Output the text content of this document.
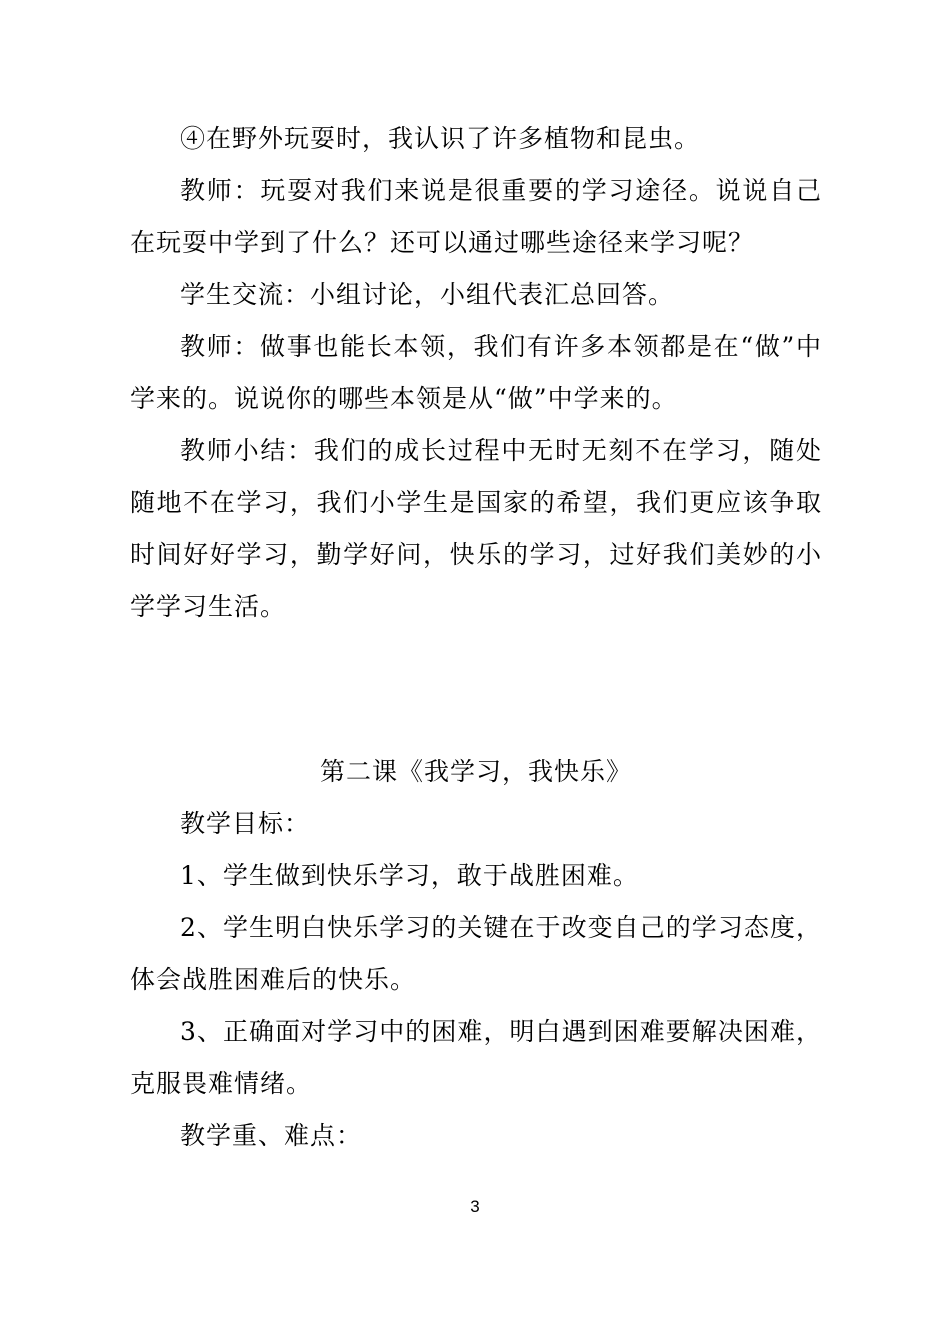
④在野外玩耍时，我认识了许多植物和昆虫。

教师：玩耍对我们来说是很重要的学习途径。说说自己在玩耍中学到了什么？还可以通过哪些途径来学习呢？

学生交流：小组讨论，小组代表汇总回答。

教师：做事也能长本领，我们有许多本领都是在“做”中学来的。说说你的哪些本领是从“做”中学来的。

教师小结：我们的成长过程中无时无刻不在学习，随处随地不在学习，我们小学生是国家的希望，我们更应该争取时间好好学习，勤学好问，快乐的学习，过好我们美妙的小学学习生活。

第二课《我学习，我快乐》

教学目标：

1、学生做到快乐学习，敢于战胜困难。

2、学生明白快乐学习的关键在于改变自己的学习态度，体会战胜困难后的快乐。

3、正确面对学习中的困难，明白遇到困难要解决困难，克服畏难情绪。

教学重、难点：

3
